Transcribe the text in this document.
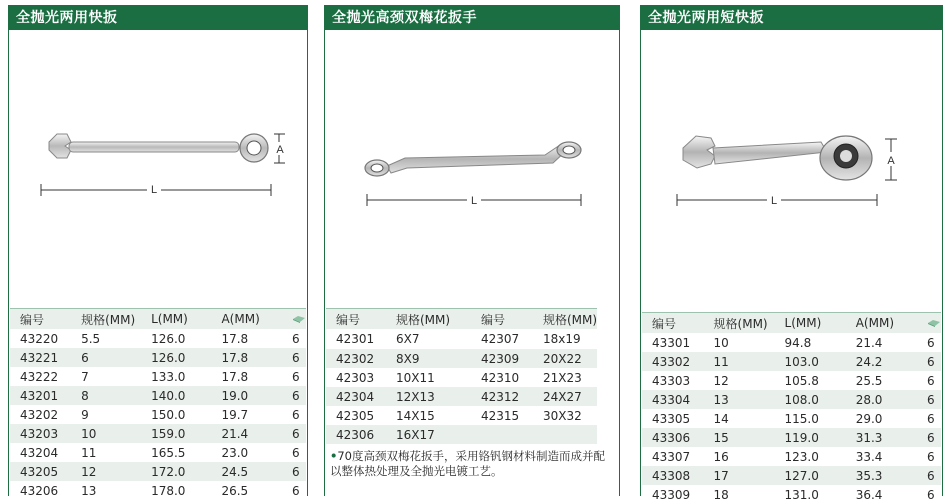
全抛光两用快扳
L
A
编号	规格(MM)	L(MM)	A(MM)	
43220	5.5	126.0	17.8	6
43221	6	126.0	17.8	6
43222	7	133.0	17.8	6
43201	8	140.0	19.0	6
43202	9	150.0	19.7	6
43203	10	159.0	21.4	6
43204	11	165.5	23.0	6
43205	12	172.0	24.5	6
43206	13	178.0	26.5	6
全抛光高颈双梅花扳手
L
编号	规格(MM)	编号	规格(MM)
42301	6X7	42307	18x19
42302	8X9	42309	20X22
42303	10X11	42310	21X23
42304	12X13	42312	24X27
42305	14X15	42315	30X32
42306	16X17		
•70度高颈双梅花扳手，采用铬钒钢材料制造而成并配以整体热处理及全抛光电镀工艺。
全抛光两用短快扳
L
A
编号	规格(MM)	L(MM)	A(MM)	
43301	10	94.8	21.4	6
43302	11	103.0	24.2	6
43303	12	105.8	25.5	6
43304	13	108.0	28.0	6
43305	14	115.0	29.0	6
43306	15	119.0	31.3	6
43307	16	123.0	33.4	6
43308	17	127.0	35.3	6
43309	18	131.0	36.4	6
